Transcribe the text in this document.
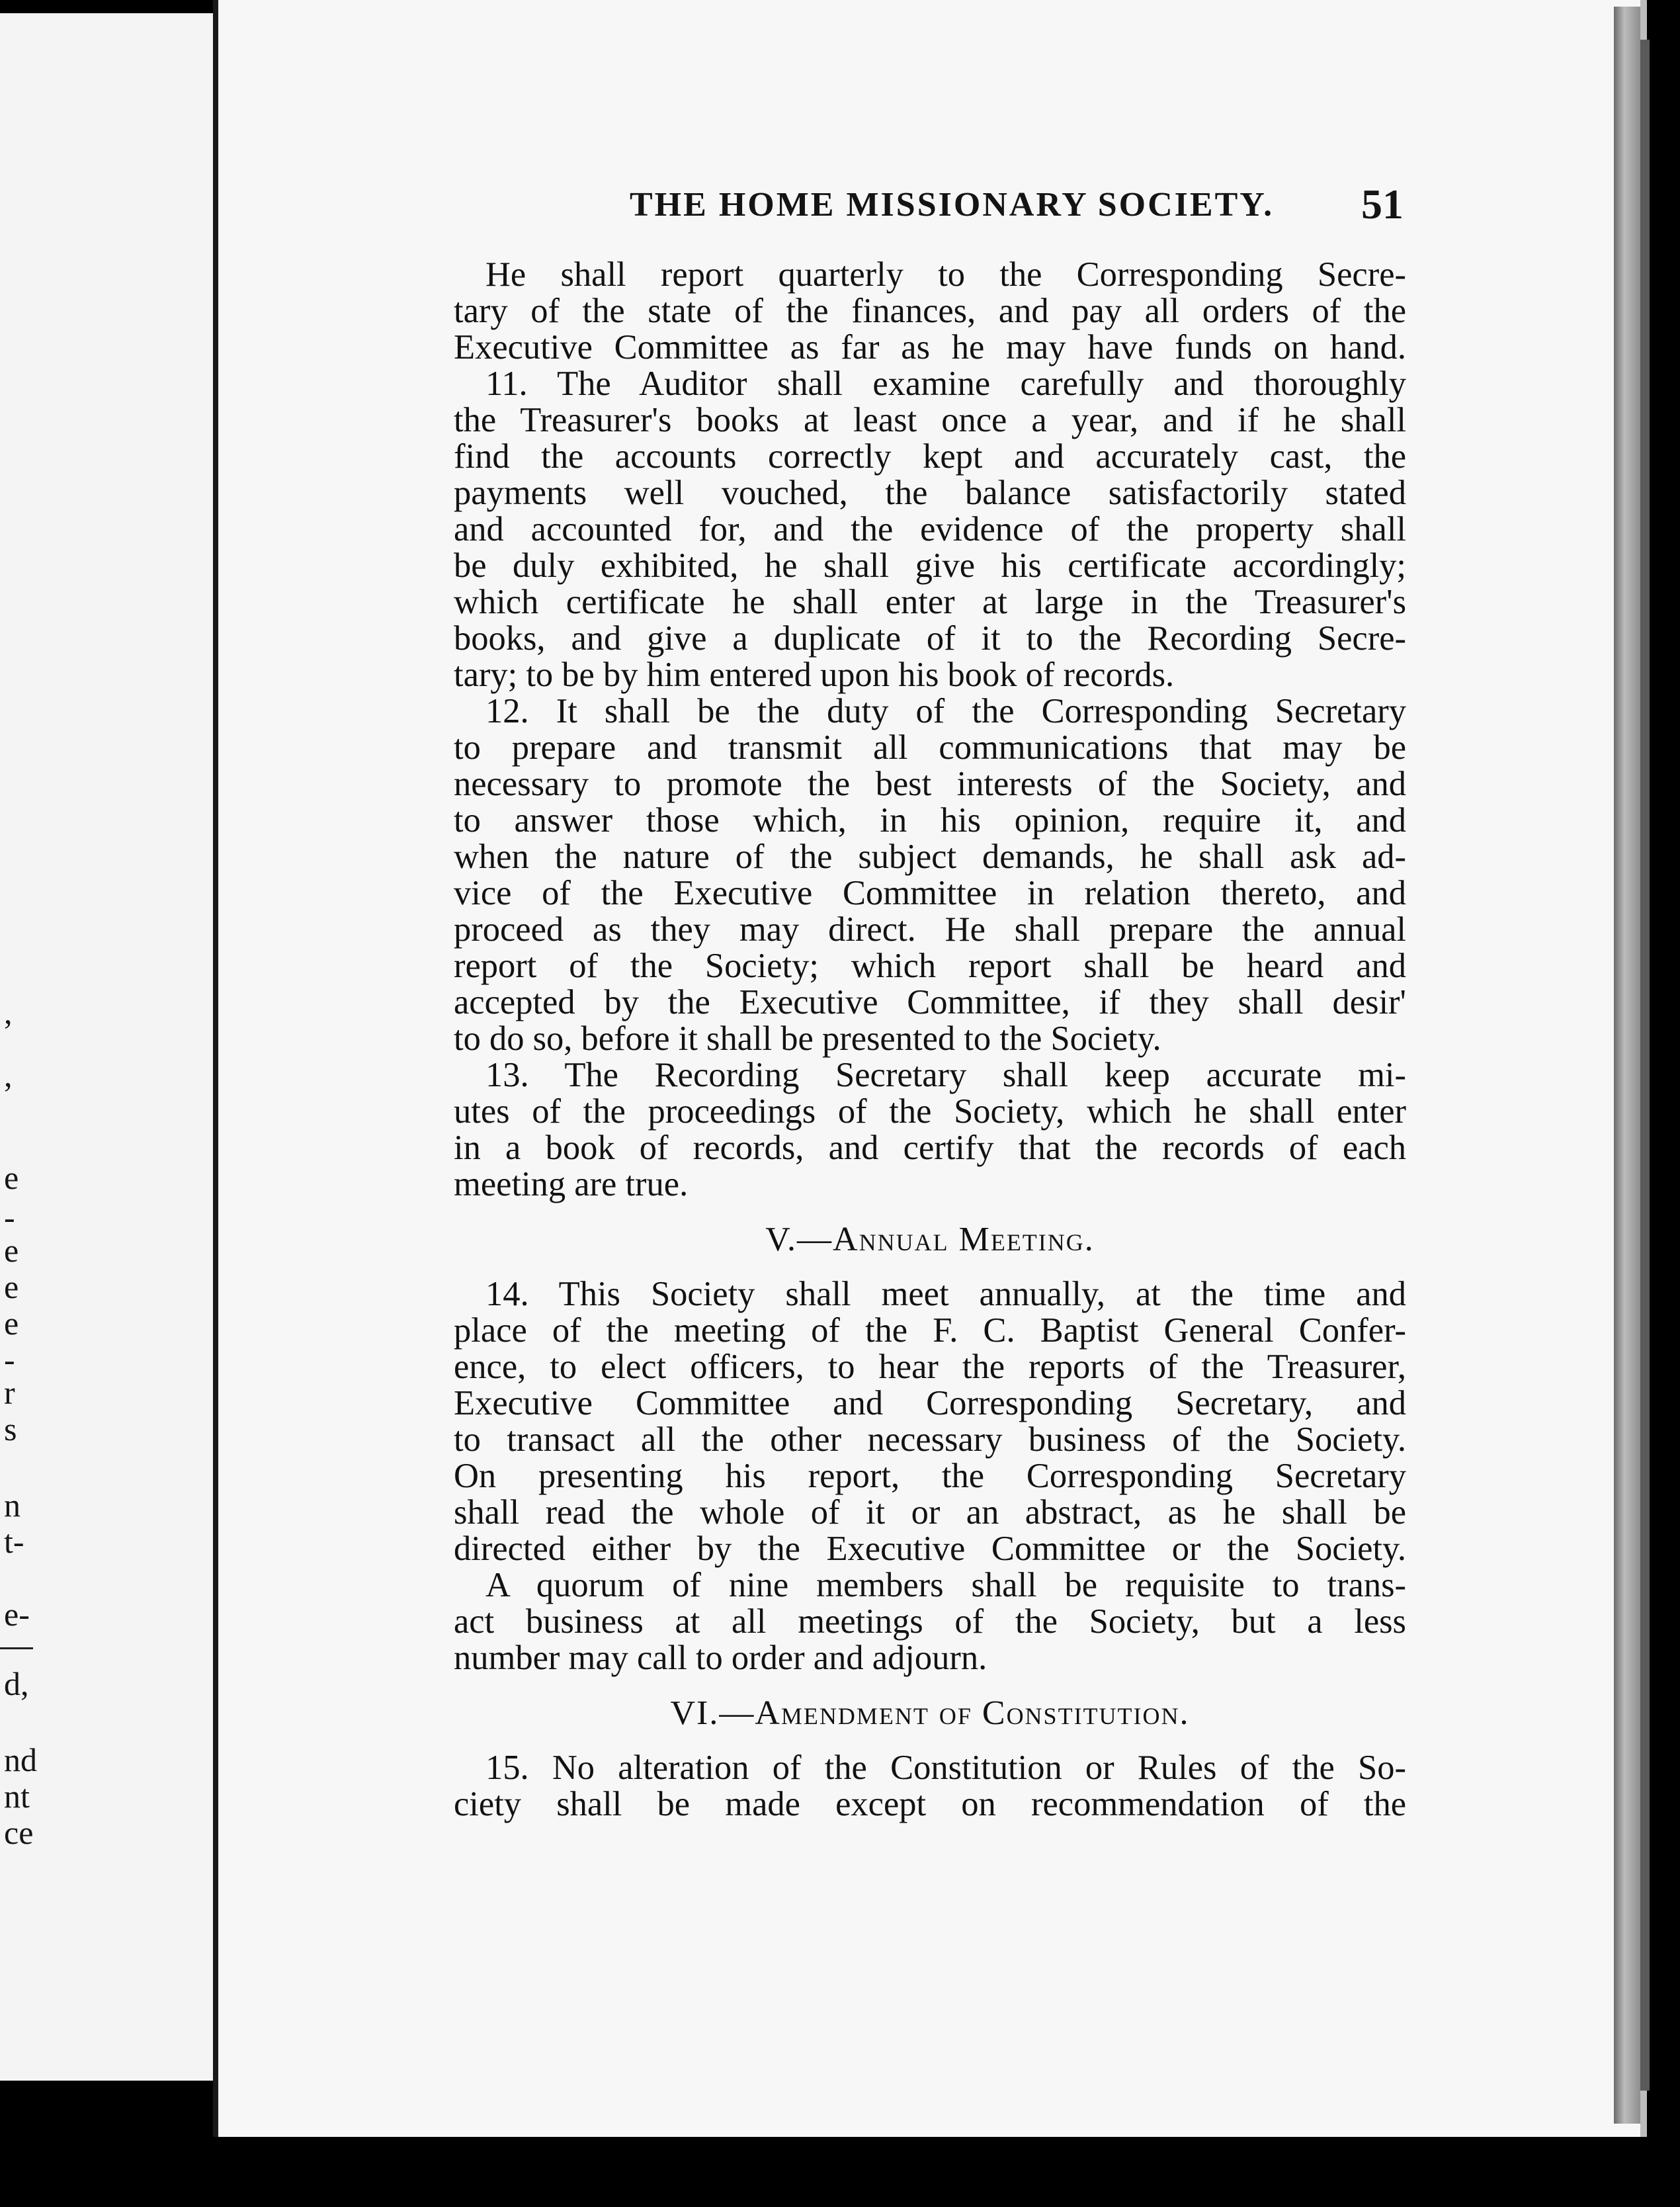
,
,
e
-
e
e
e
-
r
s
n
t-
e-
d,
nd
nt
ce
THE HOME MISSIONARY SOCIETY. 51
He shall report quarterly to the Corresponding Secre-
tary of the state of the finances, and pay all orders of the
Executive Committee as far as he may have funds on hand.
11. The Auditor shall examine carefully and thoroughly
the Treasurer's books at least once a year, and if he shall
find the accounts correctly kept and accurately cast, the
payments well vouched, the balance satisfactorily stated
and accounted for, and the evidence of the property shall
be duly exhibited, he shall give his certificate accordingly;
which certificate he shall enter at large in the Treasurer's
books, and give a duplicate of it to the Recording Secre-
tary; to be by him entered upon his book of records.
12. It shall be the duty of the Corresponding Secretary
to prepare and transmit all communications that may be
necessary to promote the best interests of the Society, and
to answer those which, in his opinion, require it, and
when the nature of the subject demands, he shall ask ad-
vice of the Executive Committee in relation thereto, and
proceed as they may direct. He shall prepare the annual
report of the Society; which report shall be heard and
accepted by the Executive Committee, if they shall desir'
to do so, before it shall be presented to the Society.
13. The Recording Secretary shall keep accurate mi-
utes of the proceedings of the Society, which he shall enter
in a book of records, and certify that the records of each
meeting are true.
V.—Annual Meeting.
14. This Society shall meet annually, at the time and
place of the meeting of the F. C. Baptist General Confer-
ence, to elect officers, to hear the reports of the Treasurer,
Executive Committee and Corresponding Secretary, and
to transact all the other necessary business of the Society.
On presenting his report, the Corresponding Secretary
shall read the whole of it or an abstract, as he shall be
directed either by the Executive Committee or the Society.
A quorum of nine members shall be requisite to trans-
act business at all meetings of the Society, but a less
number may call to order and adjourn.
VI.—Amendment of Constitution.
15. No alteration of the Constitution or Rules of the So-
ciety shall be made except on recommendation of the
